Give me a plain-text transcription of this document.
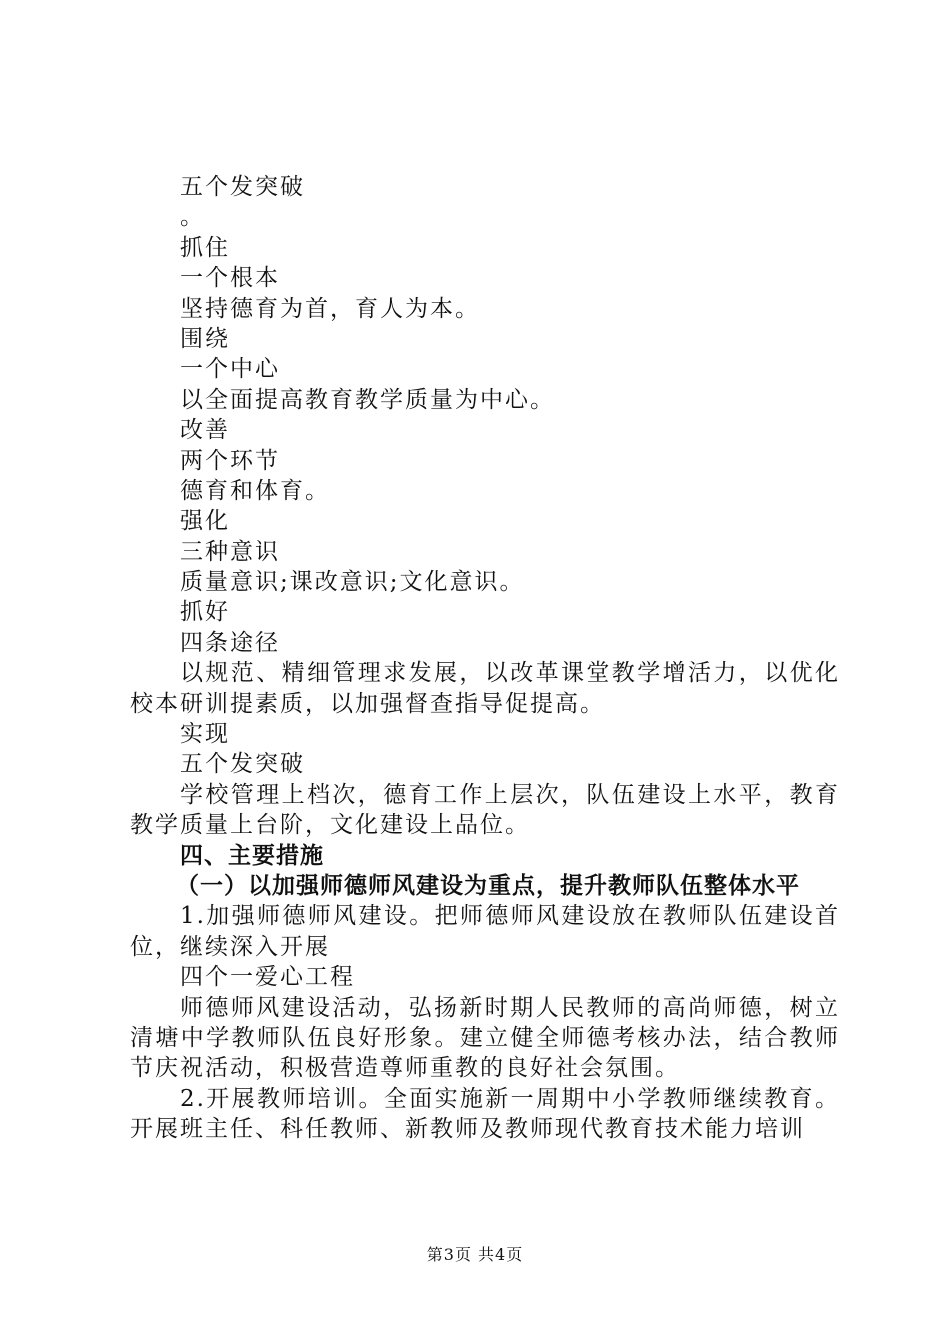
五个发突破
。
抓住
一个根本
坚持德育为首，育人为本。
围绕
一个中心
以全面提高教育教学质量为中心。
改善
两个环节
德育和体育。
强化
三种意识
质量意识;课改意识;文化意识。
抓好
四条途径
以规范、精细管理求发展，以改革课堂教学增活力，以优化校本研训提素质，以加强督查指导促提高。
实现
五个发突破
学校管理上档次，德育工作上层次，队伍建设上水平，教育教学质量上台阶，文化建设上品位。
四、主要措施
（一）以加强师德师风建设为重点，提升教师队伍整体水平
1.加强师德师风建设。把师德师风建设放在教师队伍建设首位，继续深入开展
四个一爱心工程
师德师风建设活动，弘扬新时期人民教师的高尚师德，树立清塘中学教师队伍良好形象。建立健全师德考核办法，结合教师节庆祝活动，积极营造尊师重教的良好社会氛围。
2.开展教师培训。全面实施新一周期中小学教师继续教育。开展班主任、科任教师、新教师及教师现代教育技术能力培训
第3页 共4页
